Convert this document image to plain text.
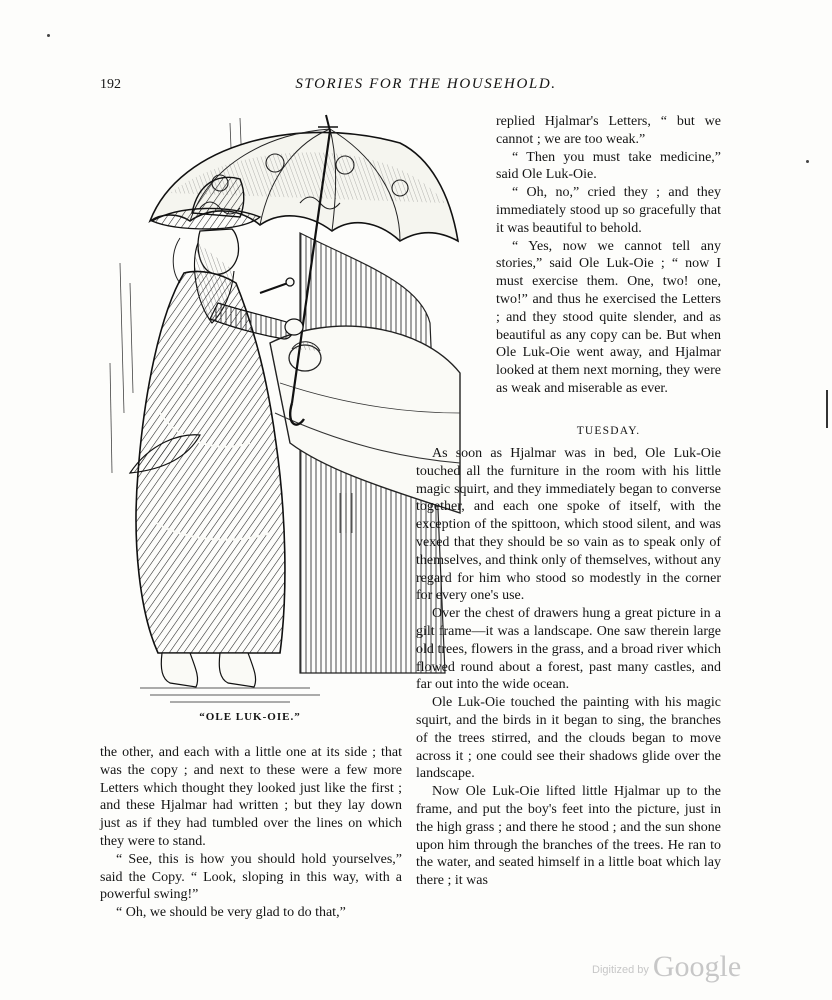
192	STORIES FOR THE HOUSEHOLD.
“OLE LUK-OIE.”

replied Hjalmar's Letters, “ but we cannot ; we are too weak.”

“ Then you must take medicine,” said Ole Luk-Oie.

“ Oh, no,” cried they ; and they immediately stood up so gracefully that it was beautiful to behold.

“ Yes, now we cannot tell any stories,” said Ole Luk-Oie ; “ now I must exercise them. One, two! one, two!” and thus he exercised the Letters ; and they stood quite slender, and as beautiful as any copy can be. But when Ole Luk-Oie went away, and Hjalmar looked at them next morning, they were as weak and miserable as ever.

TUESDAY.

As soon as Hjalmar was in bed, Ole Luk-Oie touched all the furniture in the room with his little magic squirt, and they immediately began to converse together, and each one spoke of itself, with the exception of the spittoon, which stood silent, and was vexed that they should be so vain as to speak only of themselves, and think only of themselves, without any regard for him who stood so modestly in the corner for every one's use.

Over the chest of drawers hung a great picture in a gilt frame—it was a landscape. One saw therein large old trees, flowers in the grass, and a broad river which flowed round about a forest, past many castles, and far out into the wide ocean.

Ole Luk-Oie touched the painting with his magic squirt, and the birds in it began to sing, the branches of the trees stirred, and the clouds began to move across it ; one could see their shadows glide over the landscape.

Now Ole Luk-Oie lifted little Hjalmar up to the frame, and put the boy's feet into the picture, just in the high grass ; and there he stood ; and the sun shone upon him through the branches of the trees. He ran to the water, and seated himself in a little boat which lay there ; it was

the other, and each with a little one at its side ; that was the copy ; and next to these were a few more Letters which thought they looked just like the first ; and these Hjalmar had written ; but they lay down just as if they had tumbled over the lines on which they were to stand.

“ See, this is how you should hold yourselves,” said the Copy. “ Look, sloping in this way, with a powerful swing!”

“ Oh, we should be very glad to do that,”

Digitized by Google
